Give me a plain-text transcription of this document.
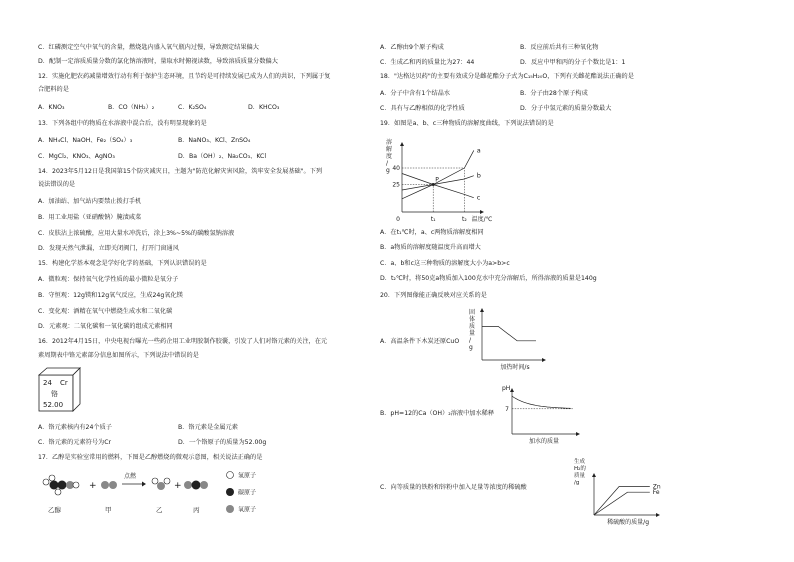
C．红磷测定空气中氧气的含量，燃烧匙内盛入氧气瓶内过慢，导致测定结果偏大
D．配制一定溶质质量分数的氯化钠溶液时，量取水时俯视读数，导致溶质质量分数偏大
12．实施化肥农药减量增效行动有利于保护生态环境，且节约是可持续发展已成为人们的共识，下列属于复
合肥料的是
A．KNO₃	B．CO（NH₂）₂	C．K₂SO₄	D．KHCO₃
13．下列各组中的物质在水溶液中混合后，没有明显现象的是
A．NH₄Cl、NaOH、Fe₂（SO₄）₃	B．NaNO₃、KCl、ZnSO₄
C．MgCl₂、KNO₃、AgNO₃	D．Ba（OH）₂、Na₂CO₃、KCl
14．2023年5月12日是我国第15个防灾减灾日，主题为"防范化解灾害风险，筑牢安全发展基础"。下列
说法错误的是
A．加油站、加气站内要禁止拨打手机
B．用工业用盐（亚硝酸钠）腌渍咸菜
C．皮肤沾上浓硫酸，应用大量水冲洗后，涂上3%~5%的碳酸氢钠溶液
D．发现天然气泄漏，立即关闭阀门，打开门窗通风
15．构建化学基本观念是学好化学的基础，下列认识错误的是
A．微粒观：保持氧气化学性质的最小微粒是氧分子
B．守恒观：12g镁和12g氧气反应，生成24g氧化镁
C．变化观：酒精在氧气中燃烧生成水和二氧化碳
D．元素观：二氧化碳和一氧化碳的组成元素相同
16．2012年4月15日，中央电视台曝光一些药企用工业明胶制作胶囊，引发了人们对铬元素的关注，在元
素周期表中铬元素部分信息如图所示，下列说法中错误的是
24 Cr
铬
52.00
A．铬元素核内有24个质子	B．铬元素是金属元素
C．铬元素的元素符号为Cr	D．一个铬原子的质量为52.00g
17．乙醇是实验室常用的燃料，下图是乙醇燃烧的微观示意图，相关说法正确的是
+
点燃
+
乙醇	甲	乙	丙
氢原子
碳原子
氧原子
A．乙醇由9个原子构成	B．反应前后共有三种氧化物
C．生成乙和丙的质量比为27：44	D．反应中甲和丙的分子个数比是1：1
18．"达格达贝药"的主要有效成分是雌花酯分子式为C₁₅H₂₀O，下列有关雌花酯说法正确的是
A．分子中含有1个结晶水	B．分子由28个原子构成
C．具有与乙醇相似的化学性质	D．分子中氢元素的质量分数最大
19．如图是a、b、c三种物质的溶解度曲线，下列说法错误的是
溶
解
度
/
g
0	温度/℃
t₁	t₂
25
40
a
b
c
P
A．在t₁℃时，a、c两物质溶解度相同
B．a物质的溶解度随温度升高而增大
C．a、b和c这三种物质的溶解度大小为a>b>c
D．t₂℃时，将50克a物质加入100克水中充分溶解后，所得溶液的质量是140g
20．下列图像能正确反映对应关系的是
A．高温条件下木炭还原CuO
固
体
质
量
/
g
加热时间/s
B．pH=12的Ca（OH）₂溶液中加水稀释
pH
加水的质量
7
C．向等质量的铁粉和锌粉中加入足量等浓度的稀硫酸
生成
H₂的
质量
/g
稀硫酸的质量/g
Zn
Fe
